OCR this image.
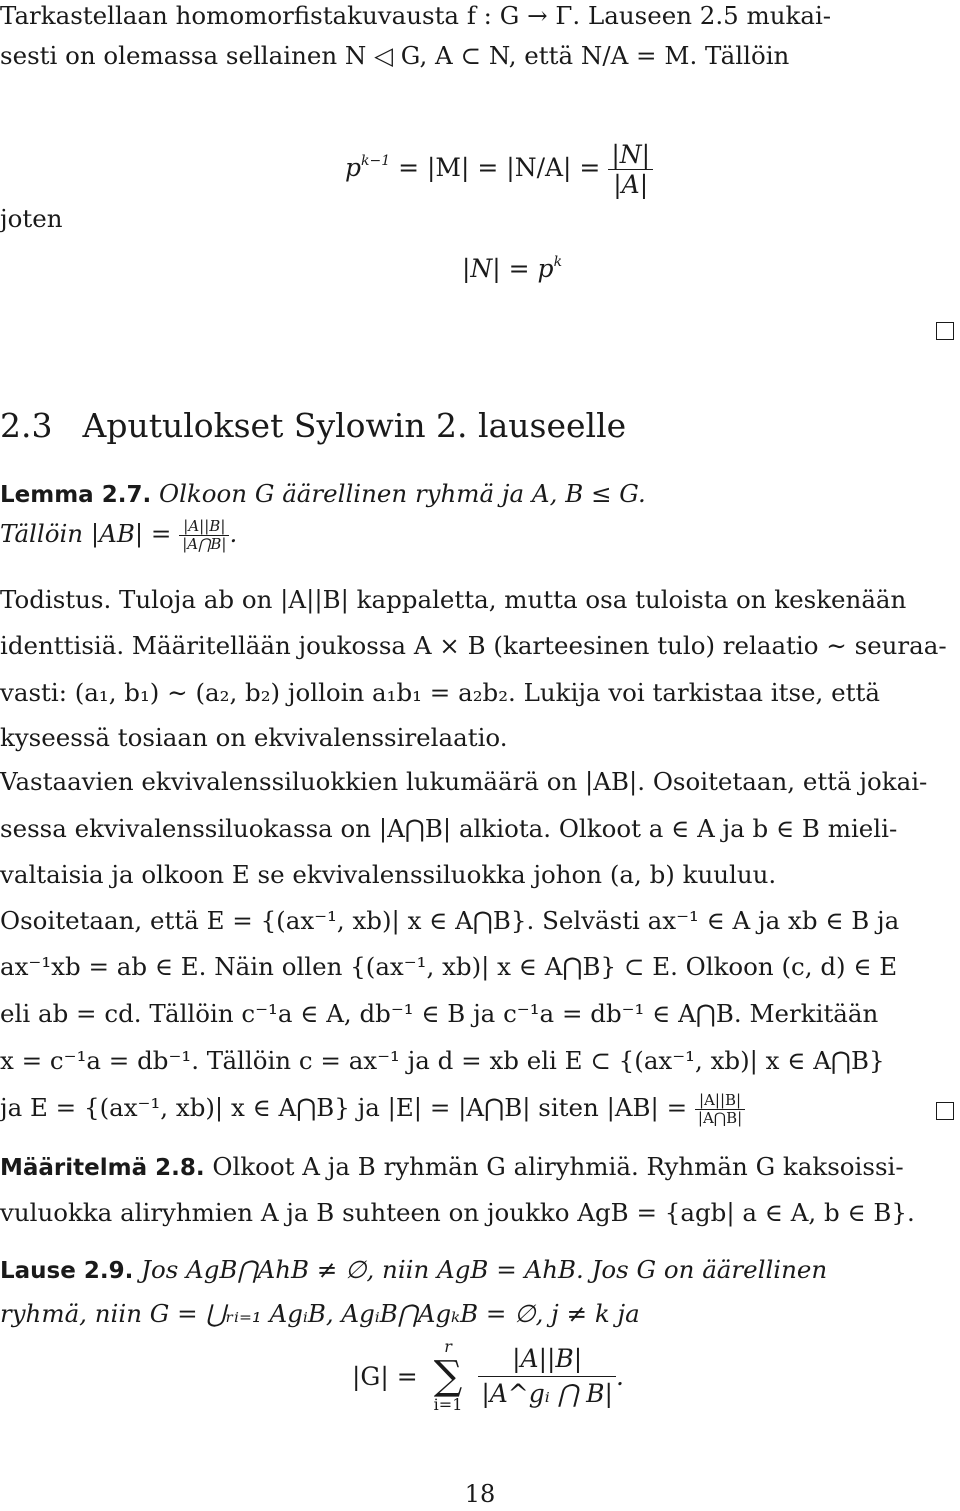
Tarkastellaan homomorfistakuvausta f : G → Γ. Lauseen 2.5 mukai-
sesti on olemassa sellainen N ◁ G, A ⊂ N, että N/A = M. Tällöin
$p^{k-1} = |M| = |N/A| = \frac{|N|}{|A|}$
joten
$|N| = p^k$
2.3 Aputulokset Sylowin 2. lauseelle
Lemma 2.7. Olkoon G äärellinen ryhmä ja A, B ≤ G.
Tällöin $|AB| = \frac{|A||B|}{|A⋂B|}$ .
Todistus. Tuloja ab on |A||B| kappaletta, mutta osa tuloista on keskenään
identtisiä. Määritellään joukossa A × B (karteesinen tulo) relaatio ∼ seuraa-
vasti: (a₁, b₁) ∼ (a₂, b₂) jolloin a₁b₁ = a₂b₂. Lukija voi tarkistaa itse, että
kyseessä tosiaan on ekvivalenssirelaatio.
Vastaavien ekvivalenssiluokkien lukumäärä on |AB|. Osoitetaan, että jokai-
sessa ekvivalenssiluokassa on |A⋂B| alkiota. Olkoot a ∈ A ja b ∈ B mieli-
valtaisia ja olkoon E se ekvivalenssiluokka johon (a, b) kuuluu.
Osoitetaan, että E = {(ax⁻¹, xb)| x ∈ A⋂B}. Selvästi ax⁻¹ ∈ A ja xb ∈ B ja
ax⁻¹xb = ab ∈ E. Näin ollen {(ax⁻¹, xb)| x ∈ A⋂B} ⊂ E. Olkoon (c, d) ∈ E
eli ab = cd. Tällöin c⁻¹a ∈ A, db⁻¹ ∈ B ja c⁻¹a = db⁻¹ ∈ A⋂B. Merkitään
x = c⁻¹a = db⁻¹. Tällöin c = ax⁻¹ ja d = xb eli E ⊂ {(ax⁻¹, xb)| x ∈ A⋂B}
ja E = {(ax⁻¹, xb)| x ∈ A⋂B} ja |E| = |A⋂B| siten $|AB| = \frac{|A||B|}{|A⋂B|}$
Määritelmä 2.8. Olkoot A ja B ryhmän G aliryhmiä. Ryhmän G kaksoissi-
vuluokka aliryhmien A ja B suhteen on joukko AgB = {agb| a ∈ A, b ∈ B}.
Lause 2.9. Jos AgB⋂AhB ≠ ∅, niin AgB = AhB. Jos G on äärellinen
ryhmä, niin G = ⋃ᵣᵢ₌₁ AgᵢB, AgᵢB⋂AgₖB = ∅, j ≠ k ja
|G| =
r
∑
i=1
$\frac{|A||B|}{\text{|A\textasciicircum{}gᵢ ⋂ B|}}$ .
18
